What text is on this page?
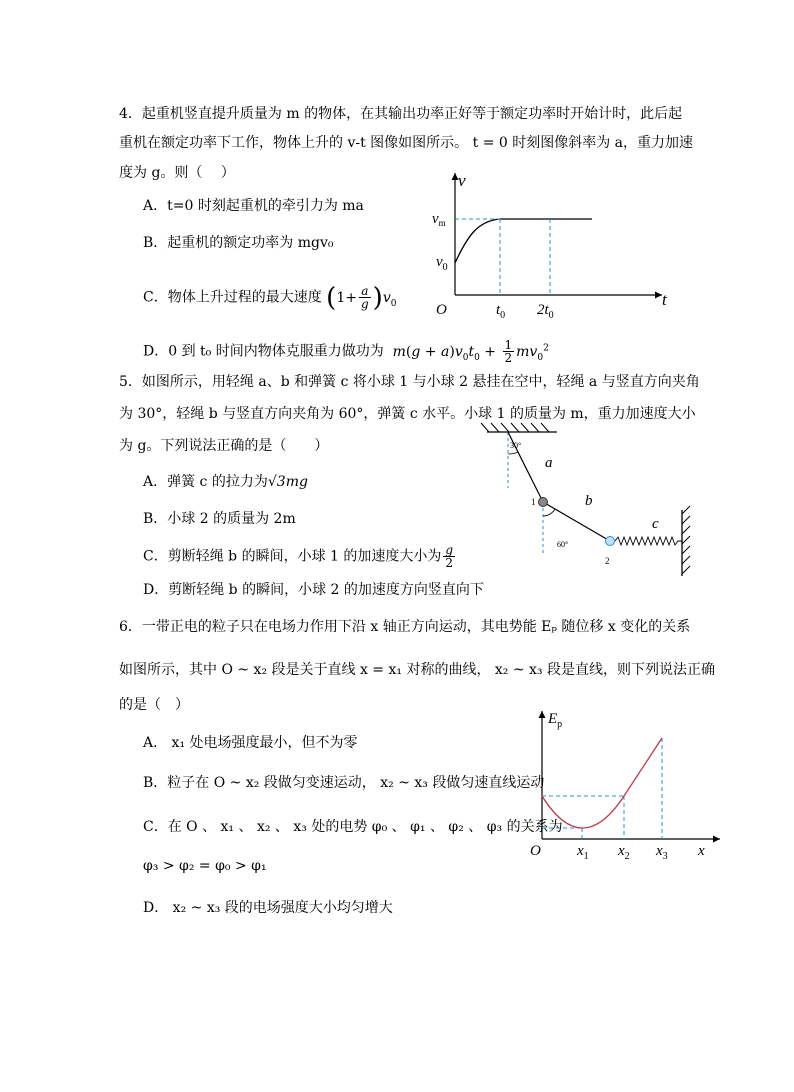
4．起重机竖直提升质量为 m 的物体，在其输出功率正好等于额定功率时开始计时，此后起
重机在额定功率下工作，物体上升的 v-t 图像如图所示。 t = 0 时刻图像斜率为 a，重力加速
度为 g。则（　 ）
A．t=0 时刻起重机的牵引力为 ma
B．起重机的额定功率为 mgv₀
C．物体上升过程的最大速度 $(1+ \frac{a}{g} )v_0$
D．0 到 t₀ 时间内物体克服重力做功为 $m(g + a)v_0t_0 + \frac{1}{2} mv_0^2$
v
t
O
$v_m$
$v_0$
$t_0$ $2t_0$
5．如图所示，用轻绳 a、b 和弹簧 c 将小球 1 与小球 2 悬挂在空中，轻绳 a 与竖直方向夹角
为 30°，轻绳 b 与竖直方向夹角为 60°，弹簧 c 水平。小球 1 的质量为 m，重力加速度大小
为 g。下列说法正确的是（　　）
A．弹簧 c 的拉力为√3mg
B．小球 2 的质量为 2m
C．剪断轻绳 b 的瞬间，小球 1 的加速度大小为 $\frac{g}{2}$
D．剪断轻绳 b 的瞬间，小球 2 的加速度方向竖直向下
a
b
c
1
2
30°
60°
6．一带正电的粒子只在电场力作用下沿 x 轴正方向运动，其电势能 Eₚ 随位移 x 变化的关系
如图所示，其中 O ~ x₂ 段是关于直线 x = x₁ 对称的曲线， x₂ ~ x₃ 段是直线，则下列说法正确
的是（　）
A． x₁ 处电场强度最小，但不为零
B．粒子在 O ~ x₂ 段做匀变速运动， x₂ ~ x₃ 段做匀速直线运动
C．在 O 、 x₁ 、 x₂ 、 x₃ 处的电势 φ₀ 、 φ₁ 、 φ₂ 、 φ₃ 的关系为
φ₃ > φ₂ = φ₀ > φ₁
D． x₂ ~ x₃ 段的电场强度大小均匀增大
$E_p$
x
O $x_1$ $x_2$ $x_3$
